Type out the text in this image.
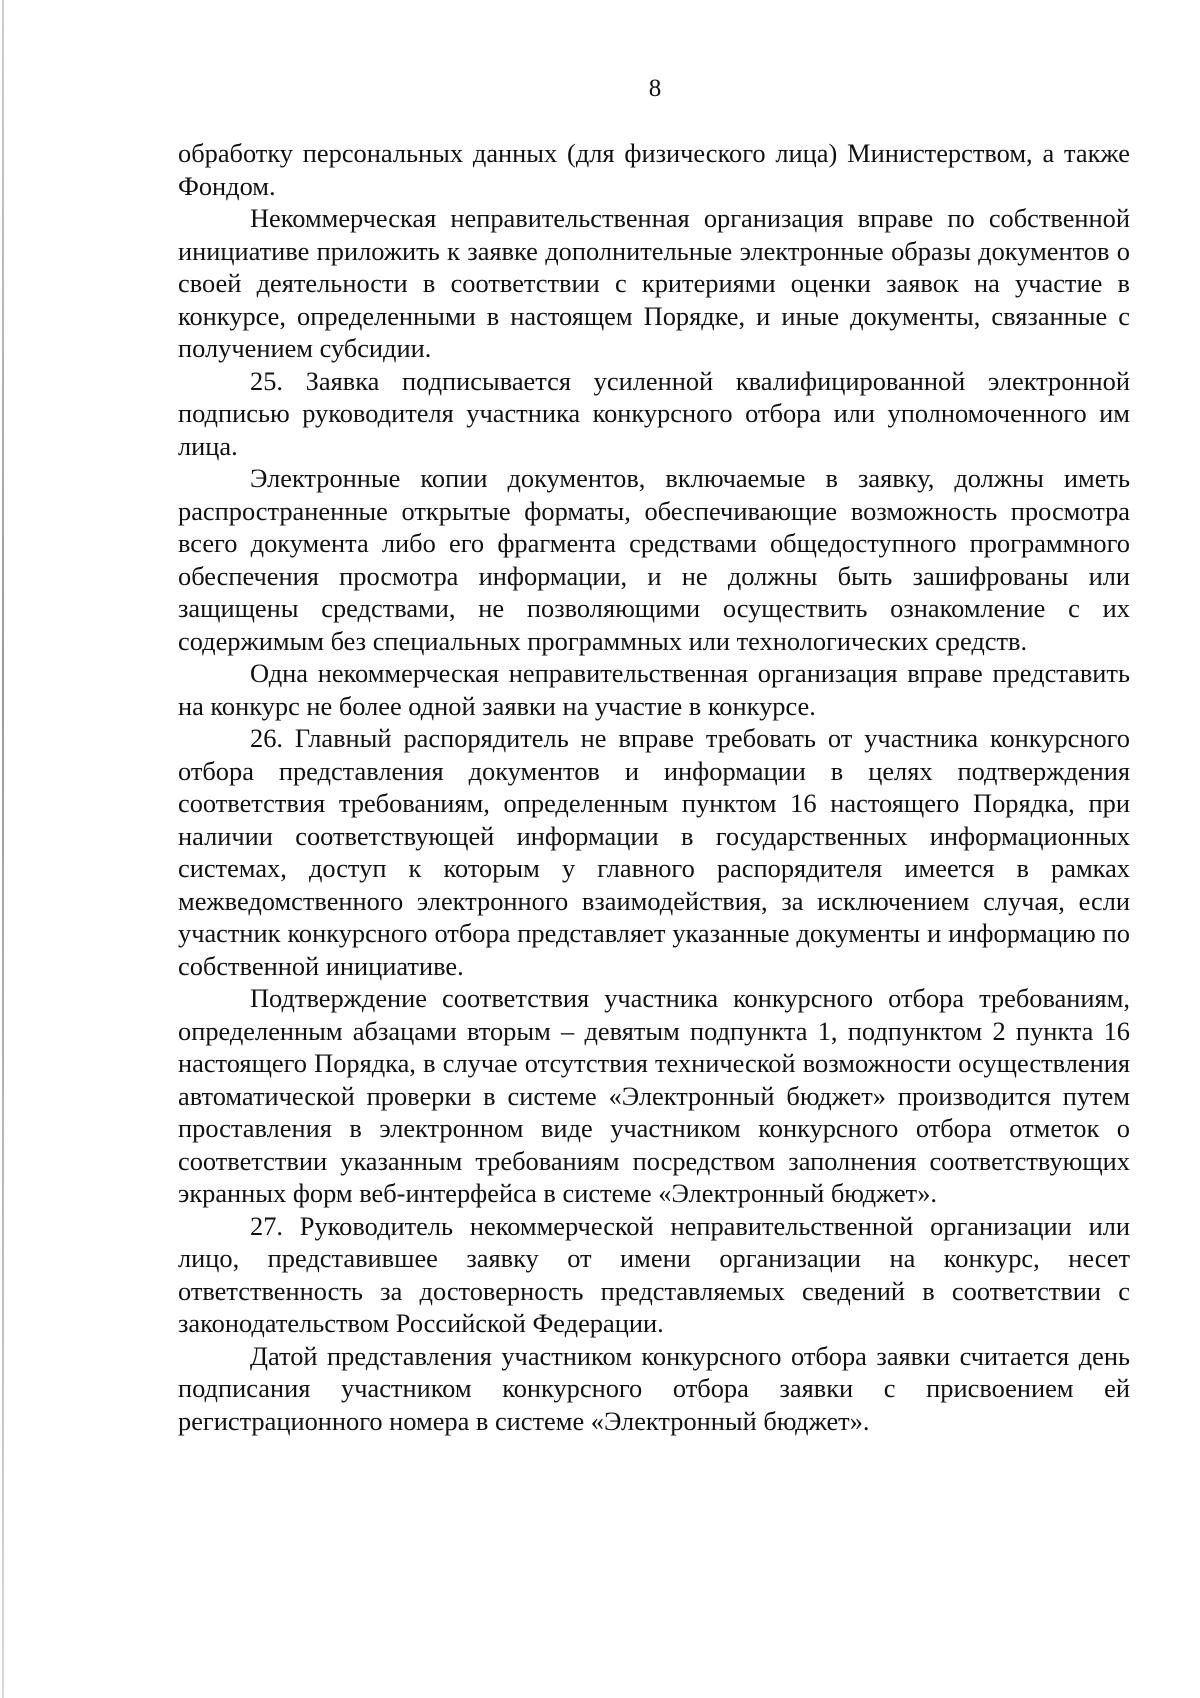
8

обработку персональных данных (для физического лица) Министерством, а также Фондом.

Некоммерческая неправительственная организация вправе по собственной инициативе приложить к заявке дополнительные электронные образы документов о своей деятельности в соответствии с критериями оценки заявок на участие в конкурсе, определенными в настоящем Порядке, и иные документы, связанные с получением субсидии.

25. Заявка подписывается усиленной квалифицированной электронной подписью руководителя участника конкурсного отбора или уполномоченного им лица.

Электронные копии документов, включаемые в заявку, должны иметь распространенные открытые форматы, обеспечивающие возможность просмотра всего документа либо его фрагмента средствами общедоступного программного обеспечения просмотра информации, и не должны быть зашифрованы или защищены средствами, не позволяющими осуществить ознакомление с их содержимым без специальных программных или технологических средств.

Одна некоммерческая неправительственная организация вправе представить на конкурс не более одной заявки на участие в конкурсе.

26. Главный распорядитель не вправе требовать от участника конкурсного отбора представления документов и информации в целях подтверждения соответствия требованиям, определенным пунктом 16 настоящего Порядка, при наличии соответствующей информации в государственных информационных системах, доступ к которым у главного распорядителя имеется в рамках межведомственного электронного взаимодействия, за исключением случая, если участник конкурсного отбора представляет указанные документы и информацию по собственной инициативе.

Подтверждение соответствия участника конкурсного отбора требованиям, определенным абзацами вторым – девятым подпункта 1, подпунктом 2 пункта 16 настоящего Порядка, в случае отсутствия технической возможности осуществления автоматической проверки в системе «Электронный бюджет» производится путем проставления в электронном виде участником конкурсного отбора отметок о соответствии указанным требованиям посредством заполнения соответствующих экранных форм веб-интерфейса в системе «Электронный бюджет».

27. Руководитель некоммерческой неправительственной организации или лицо, представившее заявку от имени организации на конкурс, несет ответственность за достоверность представляемых сведений в соответствии с законодательством Российской Федерации.

Датой представления участником конкурсного отбора заявки считается день подписания участником конкурсного отбора заявки с присвоением ей регистрационного номера в системе «Электронный бюджет».
